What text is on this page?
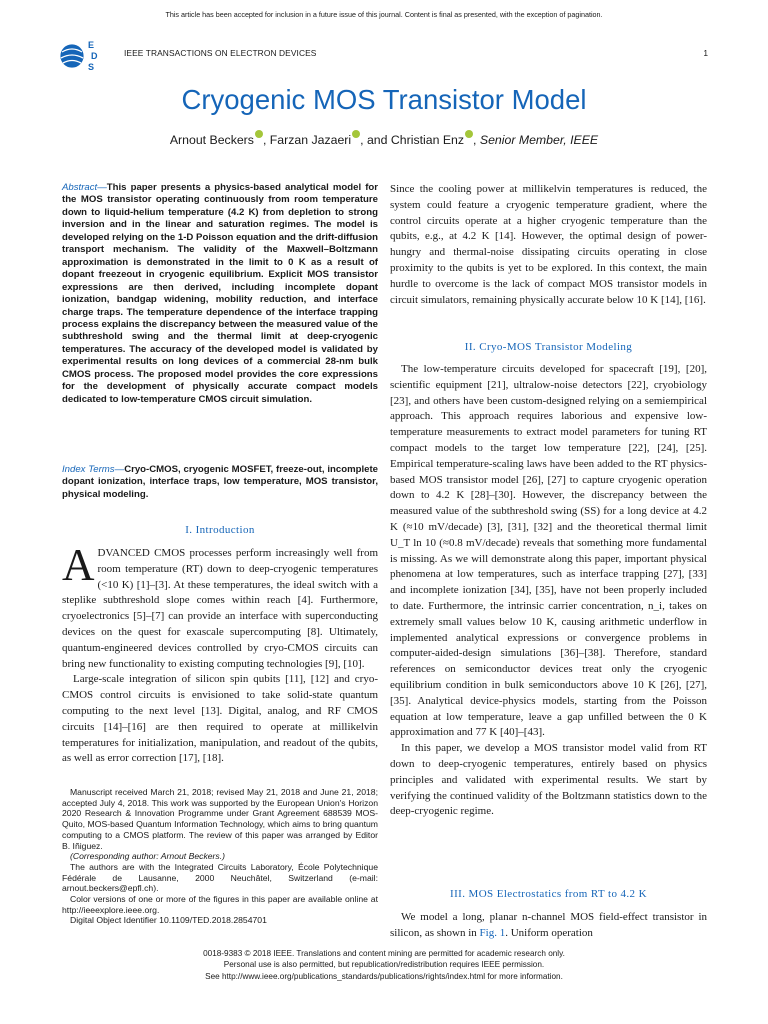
This article has been accepted for inclusion in a future issue of this journal. Content is final as presented, with the exception of pagination.
E
D
S
IEEE TRANSACTIONS ON ELECTRON DEVICES	1
Cryogenic MOS Transistor Model
Arnout Beckers , Farzan Jazaeri , and Christian Enz , Senior Member, IEEE
Abstract—This paper presents a physics-based analytical model for the MOS transistor operating continuously from room temperature down to liquid-helium temperature (4.2 K) from depletion to strong inversion and in the linear and saturation regimes. The model is developed relying on the 1-D Poisson equation and the drift-diffusion transport mechanism. The validity of the Maxwell–Boltzmann approximation is demonstrated in the limit to 0 K as a result of dopant freezeout in cryogenic equilibrium. Explicit MOS transistor expressions are then derived, including incomplete dopant ionization, bandgap widening, mobility reduction, and interface charge traps. The temperature dependence of the interface trapping process explains the discrepancy between the measured value of the subthreshold swing and the thermal limit at deep-cryogenic temperatures. The accuracy of the developed model is validated by experimental results on long devices of a commercial 28-nm bulk CMOS process. The proposed model provides the core expressions for the development of physically accurate compact models dedicated to low-temperature CMOS circuit simulation.
Index Terms—Cryo-CMOS, cryogenic MOSFET, freeze-out, incomplete dopant ionization, interface traps, low temperature, MOS transistor, physical modeling.
I. Introduction

ADVANCED CMOS processes perform increasingly well from room temperature (RT) down to deep-cryogenic temperatures (<10 K) [1]–[3]. At these temperatures, the ideal switch with a steplike subthreshold slope comes within reach [4]. Furthermore, cryoelectronics [5]–[7] can provide an interface with superconducting devices on the quest for exascale supercomputing [8]. Ultimately, quantum-engineered devices controlled by cryo-CMOS circuits can bring new functionality to existing computing technologies [9], [10].

Large-scale integration of silicon spin qubits [11], [12] and cryo-CMOS control circuits is envisioned to take solid-state quantum computing to the next level [13]. Digital, analog, and RF CMOS circuits [14]–[16] are then required to operate at millikelvin temperatures for initialization, manipulation, and readout of the qubits, as well as error correction [17], [18].

Manuscript received March 21, 2018; revised May 21, 2018 and June 21, 2018; accepted July 4, 2018. This work was supported by the European Union's Horizon 2020 Research & Innovation Programme under Grant Agreement 688539 MOS-Quito, MOS-based Quantum Information Technology, which aims to bring quantum computing to a CMOS platform. The review of this paper was arranged by Editor B. Iñiguez.

(Corresponding author: Arnout Beckers.)

The authors are with the Integrated Circuits Laboratory, École Polytechnique Fédérale de Lausanne, 2000 Neuchâtel, Switzerland (e-mail: arnout.beckers@epfl.ch).

Color versions of one or more of the figures in this paper are available online at http://ieeexplore.ieee.org.

Digital Object Identifier 10.1109/TED.2018.2854701

Since the cooling power at millikelvin temperatures is reduced, the system could feature a cryogenic temperature gradient, where the control circuits operate at a higher cryogenic temperature than the qubits, e.g., at 4.2 K [14]. However, the optimal design of power-hungry and thermal-noise dissipating circuits operating in close proximity to the qubits is yet to be explored. In this context, the main hurdle to overcome is the lack of compact MOS transistor models in circuit simulators, remaining physically accurate below 10 K [14], [16].

II. Cryo-MOS Transistor Modeling

The low-temperature circuits developed for spacecraft [19], [20], scientific equipment [21], ultralow-noise detectors [22], cryobiology [23], and others have been custom-designed relying on a semiempirical approach. This approach requires laborious and expensive low-temperature measurements to extract model parameters for tuning RT compact models to the target low temperature [22], [24], [25]. Empirical temperature-scaling laws have been added to the RT physics-based MOS transistor model [26], [27] to capture cryogenic operation down to 4.2 K [28]–[30]. However, the discrepancy between the measured value of the subthreshold swing (SS) for a long device at 4.2 K (≈10 mV/decade) [3], [31], [32] and the theoretical thermal limit U_T ln 10 (≈0.8 mV/decade) reveals that something more fundamental is missing. As we will demonstrate along this paper, important physical phenomena at low temperatures, such as interface trapping [27], [33] and incomplete ionization [34], [35], have not been properly included to date. Furthermore, the intrinsic carrier concentration, n_i, takes on extremely small values below 10 K, causing arithmetic underflow in implemented analytical expressions or convergence problems in computer-aided-design simulations [36]–[38]. Therefore, standard references on semiconductor devices treat only the cryogenic equilibrium condition in bulk semiconductors above 10 K [26], [27], [35]. Analytical device-physics models, starting from the Poisson equation at low temperature, leave a gap unfilled between the 0 K approximation and 77 K [40]–[43].

In this paper, we develop a MOS transistor model valid from RT down to deep-cryogenic temperatures, entirely based on physics principles and validated with experimental results. We start by verifying the continued validity of the Boltzmann statistics down to the deep-cryogenic regime.

III. MOS Electrostatics from RT to 4.2 K

We model a long, planar n-channel MOS field-effect transistor in silicon, as shown in Fig. 1. Uniform operation

0018-9383 © 2018 IEEE. Translations and content mining are permitted for academic research only.
Personal use is also permitted, but republication/redistribution requires IEEE permission.
See http://www.ieee.org/publications_standards/publications/rights/index.html for more information.
